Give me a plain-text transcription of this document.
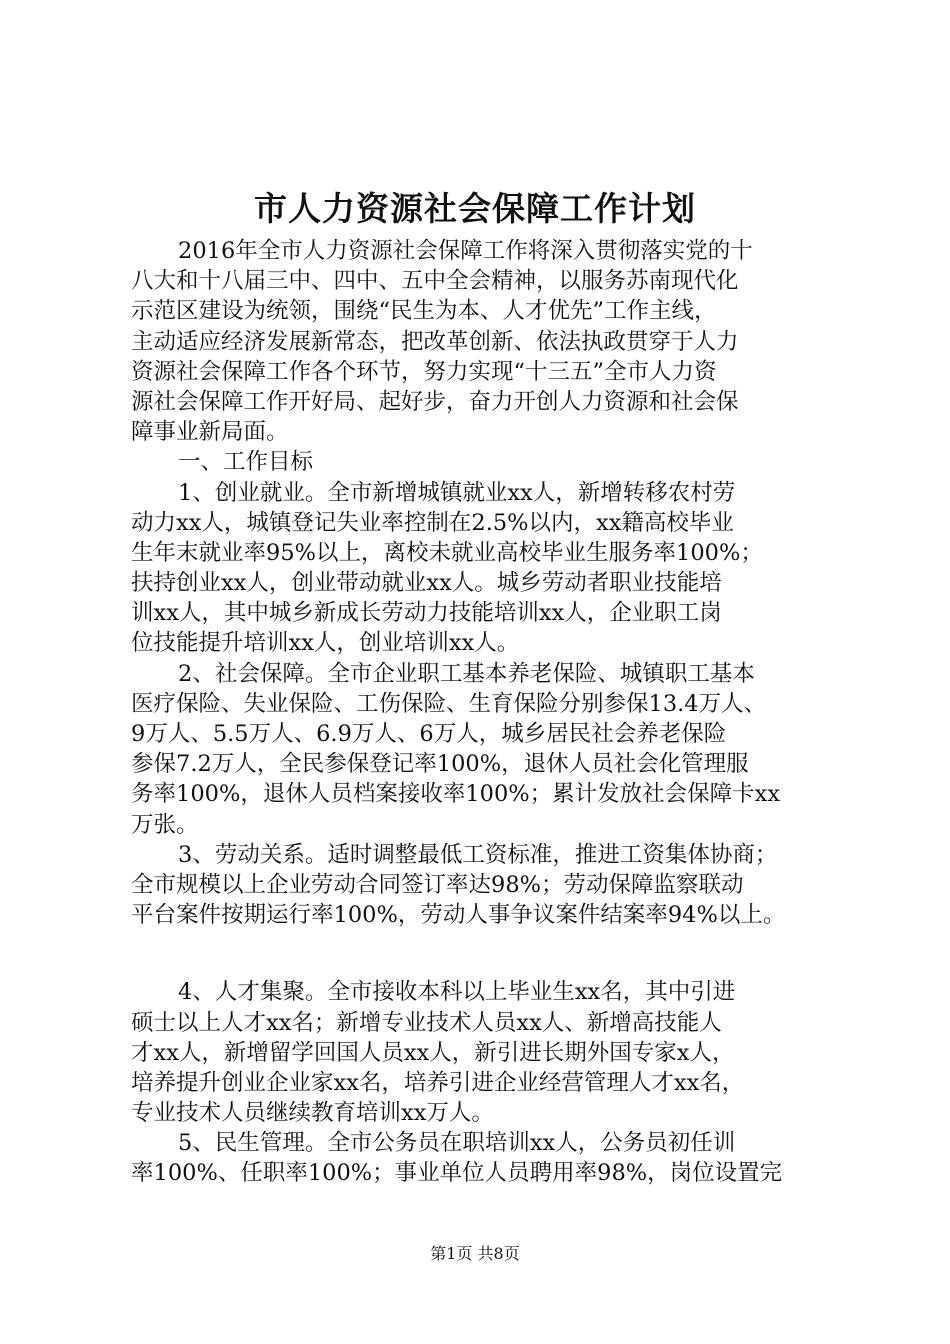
市人力资源社会保障工作计划
2016年全市人力资源社会保障工作将深入贯彻落实党的十
八大和十八届三中、四中、五中全会精神，以服务苏南现代化
示范区建设为统领，围绕“民生为本、人才优先”工作主线，
主动适应经济发展新常态，把改革创新、依法执政贯穿于人力
资源社会保障工作各个环节，努力实现“十三五”全市人力资
源社会保障工作开好局、起好步，奋力开创人力资源和社会保
障事业新局面。
一、工作目标
1、创业就业。全市新增城镇就业xx人，新增转移农村劳
动力xx人，城镇登记失业率控制在2.5%以内，xx籍高校毕业
生年末就业率95%以上，离校未就业高校毕业生服务率100%；
扶持创业xx人，创业带动就业xx人。城乡劳动者职业技能培
训xx人，其中城乡新成长劳动力技能培训xx人，企业职工岗
位技能提升培训xx人，创业培训xx人。
2、社会保障。全市企业职工基本养老保险、城镇职工基本
医疗保险、失业保险、工伤保险、生育保险分别参保13.4万人、
9万人、5.5万人、6.9万人、6万人，城乡居民社会养老保险
参保7.2万人，全民参保登记率100%，退休人员社会化管理服
务率100%，退休人员档案接收率100%；累计发放社会保障卡xx
万张。
3、劳动关系。适时调整最低工资标准，推进工资集体协商；
全市规模以上企业劳动合同签订率达98%；劳动保障监察联动
平台案件按期运行率100%，劳动人事争议案件结案率94%以上。
4、人才集聚。全市接收本科以上毕业生xx名，其中引进
硕士以上人才xx名；新增专业技术人员xx人、新增高技能人
才xx人，新增留学回国人员xx人，新引进长期外国专家x人，
培养提升创业企业家xx名，培养引进企业经营管理人才xx名，
专业技术人员继续教育培训xx万人。
5、民生管理。全市公务员在职培训xx人，公务员初任训
率100%、任职率100%；事业单位人员聘用率98%，岗位设置完
第1页 共8页
